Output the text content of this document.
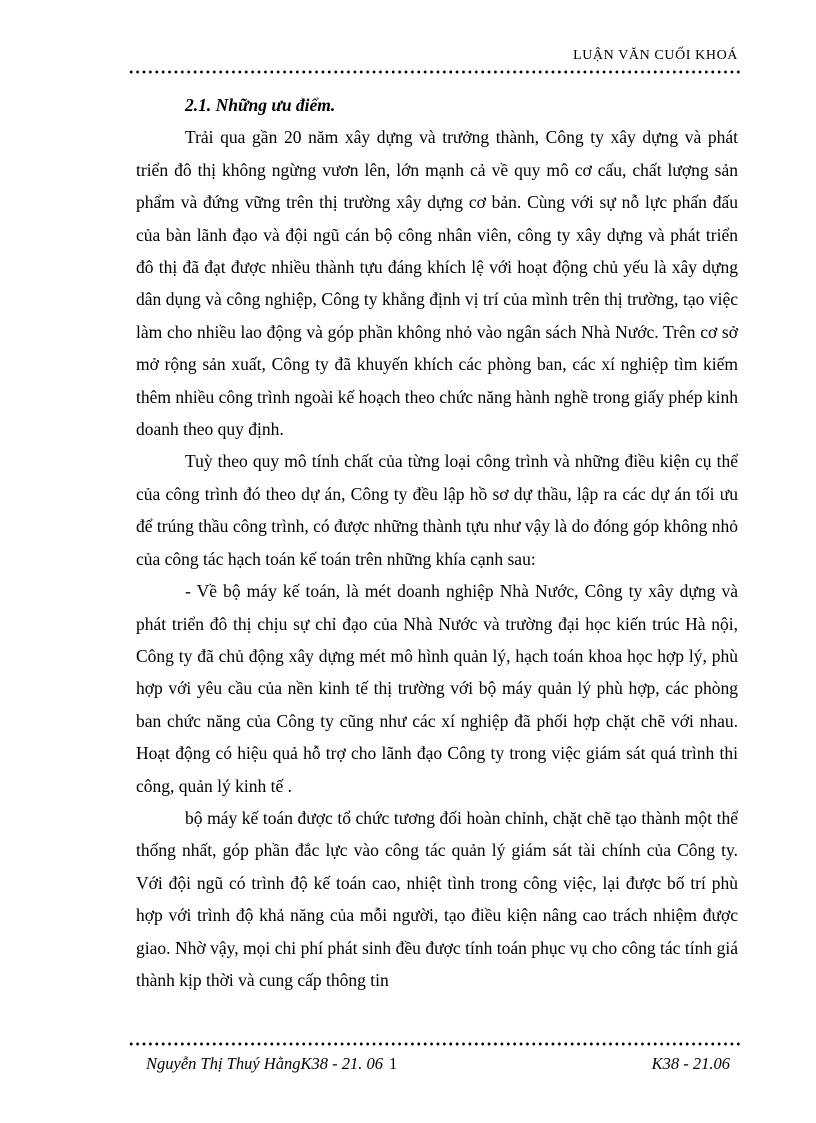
LUẬN VĂN CUỐI KHOÁ

2.1. Những ưu điểm.

Trải qua gần 20 năm xây dựng và trưởng thành, Công ty xây dựng và phát triển đô thị không ngừng vươn lên, lớn mạnh cả về quy mô cơ cấu, chất lượng sản phẩm và đứng vững trên thị trường xây dựng cơ bản. Cùng với sự nỗ lực phấn đấu của bàn lãnh đạo và đội ngũ cán bộ công nhân viên, công ty xây dựng và phát triển đô thị đã đạt được nhiều thành tựu đáng khích lệ với hoạt động chủ yếu là xây dựng dân dụng và công nghiệp, Công ty khẳng định vị trí của mình trên thị trường, tạo việc làm cho nhiều lao động và góp phần không nhỏ vào ngân sách Nhà Nước. Trên cơ sở mở rộng sản xuất, Công ty đã khuyến khích các phòng ban, các xí nghiệp tìm kiếm thêm nhiều công trình ngoài kế hoạch theo chức năng hành nghề trong giấy phép kinh doanh theo quy định.

Tuỳ theo quy mô tính chất của từng loại công trình và những điều kiện cụ thể của công trình đó theo dự án, Công ty đều lập hồ sơ dự thầu, lập ra các dự án tối ưu để trúng thầu công trình, có được những thành tựu như vậy là do đóng góp không nhỏ của công tác hạch toán kế toán trên những khía cạnh sau:

- Về bộ máy kế toán, là mét doanh nghiệp Nhà Nước, Công ty xây dựng và phát triển đô thị chịu sự chỉ đạo của Nhà Nước và trường đại học kiến trúc Hà nội, Công ty đã chủ động xây dựng mét mô hình quản lý, hạch toán khoa học hợp lý, phù hợp với yêu cầu của nền kinh tế thị trường với bộ máy quản lý phù hợp, các phòng ban chức năng của Công ty cũng như các xí nghiệp đã phối hợp chặt chẽ với nhau. Hoạt động có hiệu quả hỗ trợ cho lãnh đạo Công ty trong việc giám sát quá trình thi công, quản lý kinh tế .

bộ máy kế toán được tổ chức tương đối hoàn chỉnh, chặt chẽ tạo thành một thể thống nhất, góp phần đắc lực vào công tác quản lý giám sát tài chính của Công ty. Với đội ngũ có trình độ kế toán cao, nhiệt tình trong công việc, lại được bố trí phù hợp với trình độ khả năng của mỗi người, tạo điều kiện nâng cao trách nhiệm được giao. Nhờ vậy, mọi chi phí phát sinh đều được tính toán phục vụ cho công tác tính giá thành kịp thời và cung cấp thông tin

Nguyễn Thị Thuý HằngK38 - 21. 06 1	K38 - 21.06
